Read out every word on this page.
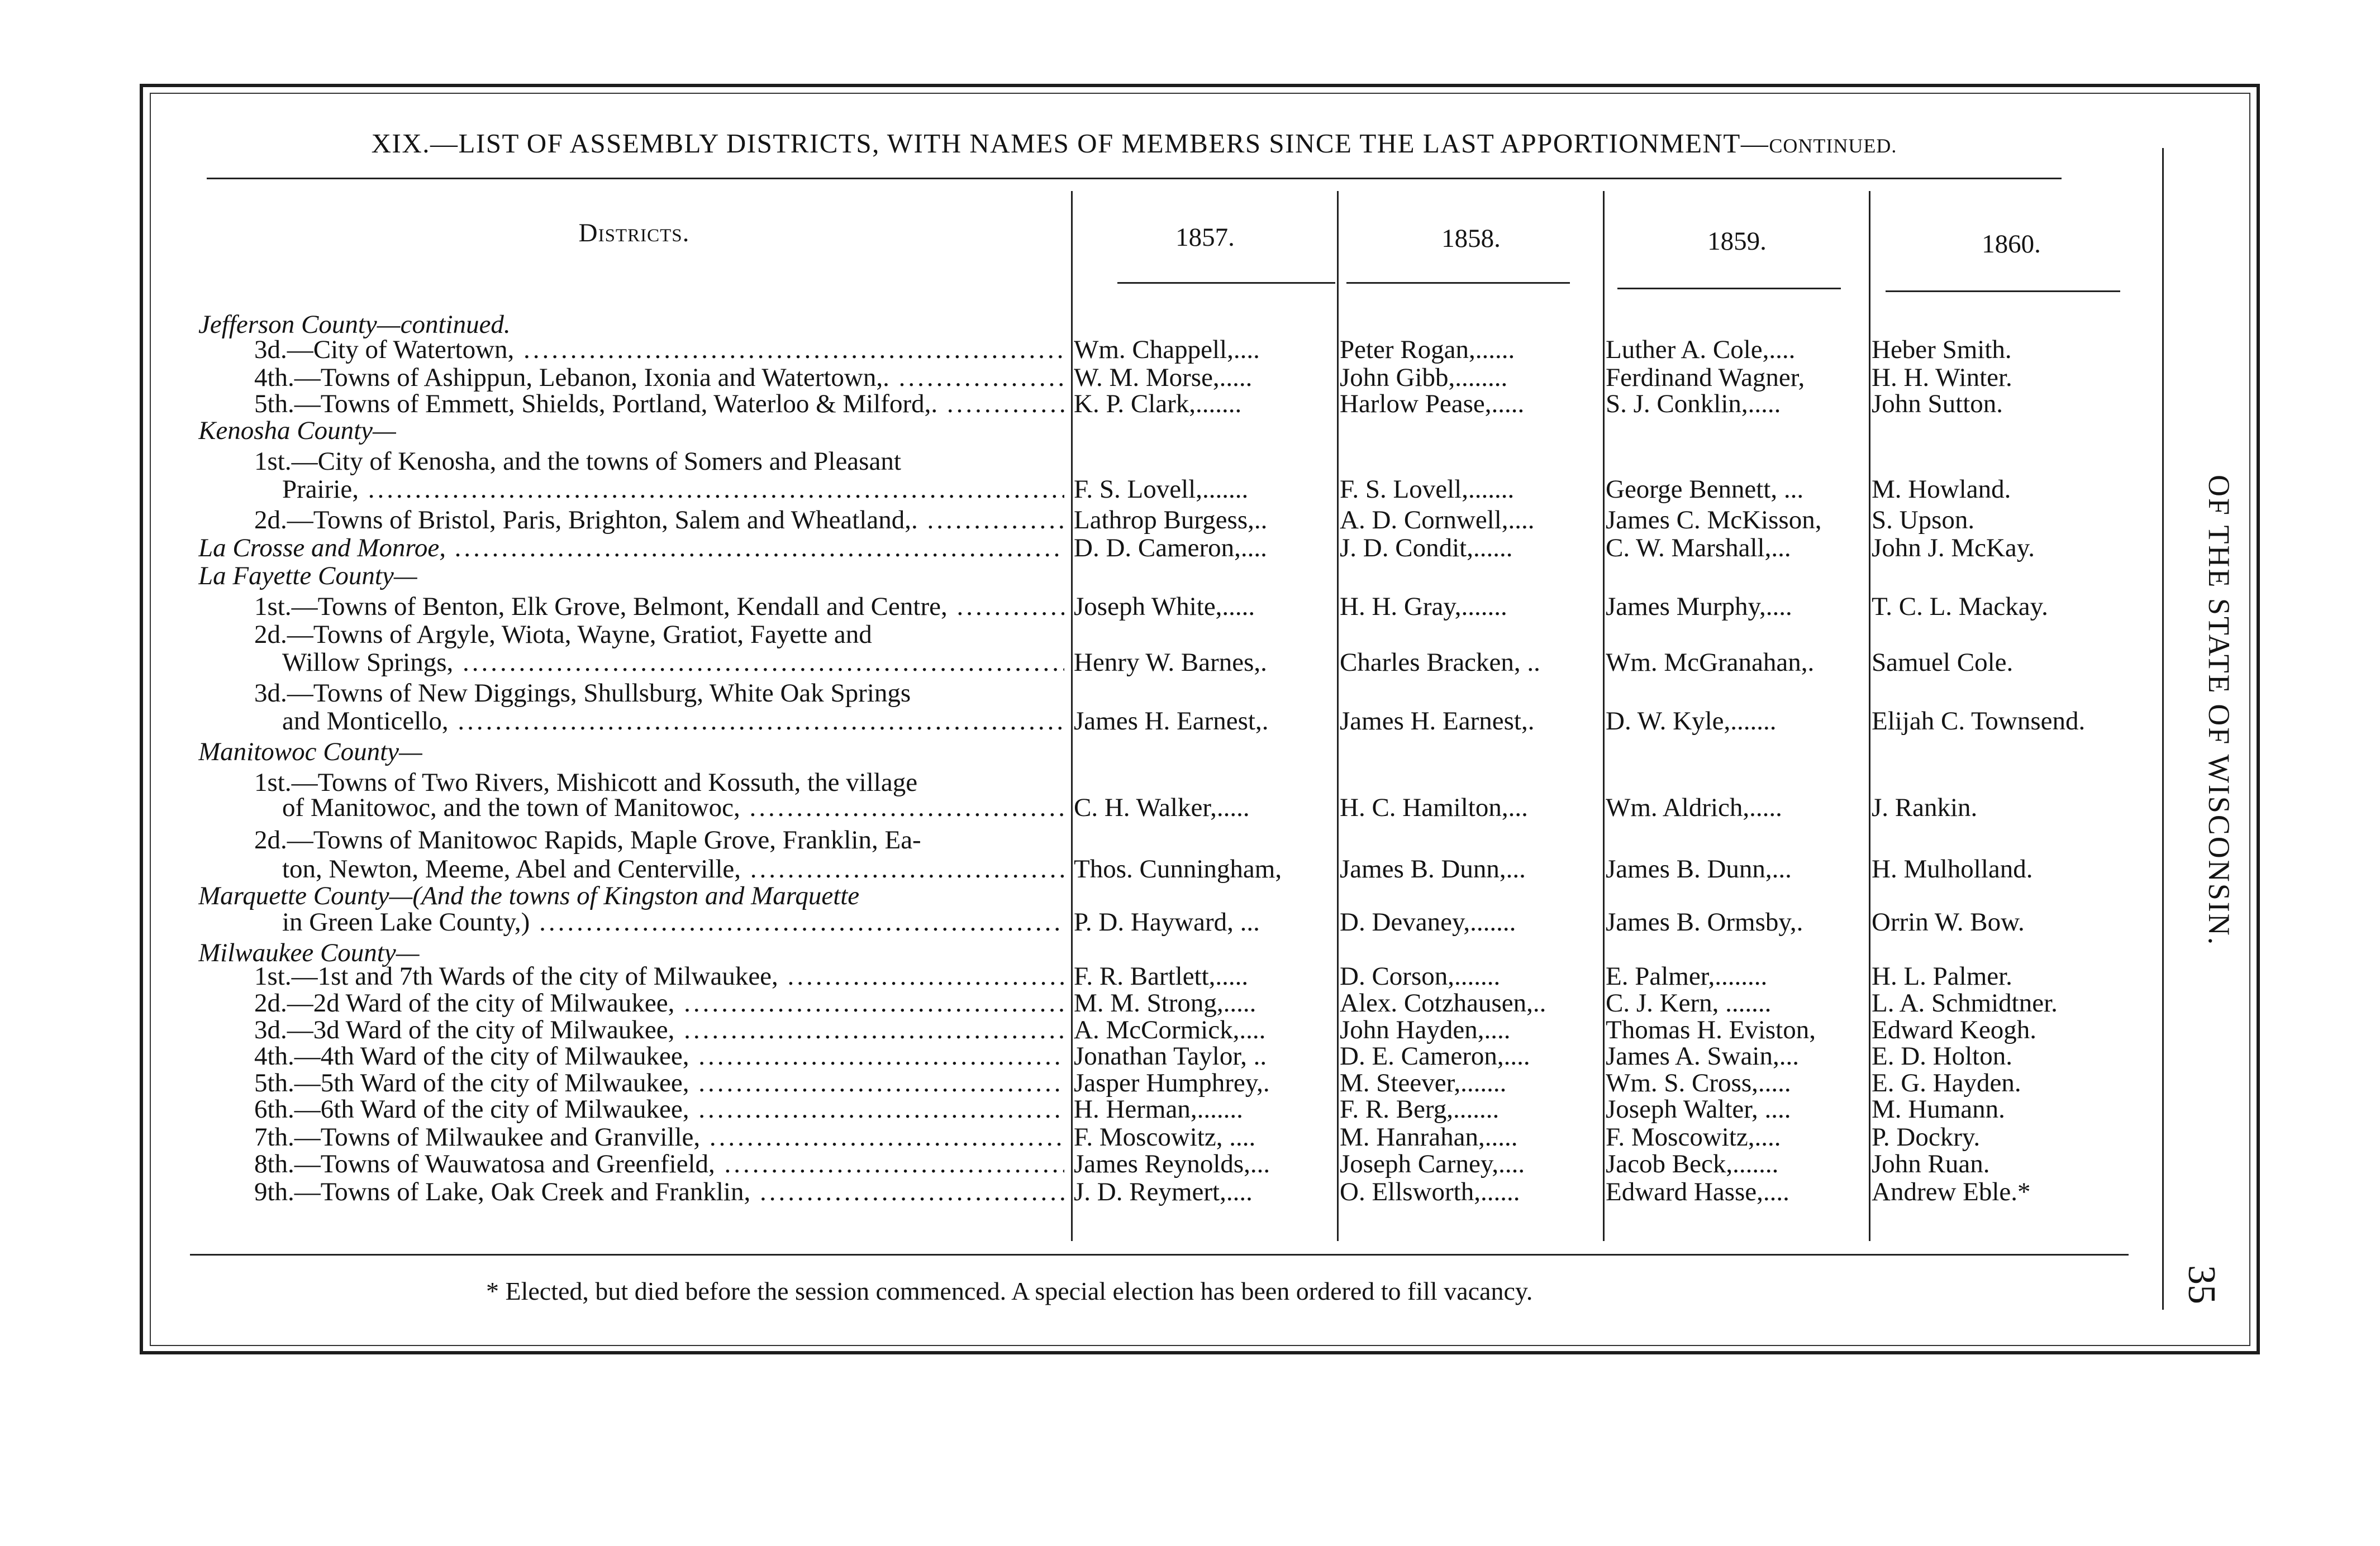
XIX.—LIST OF ASSEMBLY DISTRICTS, WITH NAMES OF MEMBERS SINCE THE LAST APPORTIONMENT—CONTINUED.
Districts.	1857.	1858.	1859.	1860.
Jefferson County—continued.
3d.—City of Watertown, .....	Wm. Chappell,....	Peter Rogan,......	Luther A. Cole,....	Heber Smith.
4th.—Towns of Ashippun, Lebanon, Ixonia and Watertown,. .....	W. M. Morse,.....	John Gibb,........	Ferdinand Wagner,	H. H. Winter.
5th.—Towns of Emmett, Shields, Portland, Waterloo & Milford,. .....	K. P. Clark,.......	Harlow Pease,.....	S. J. Conklin,.....	John Sutton.
Kenosha County—
1st.—City of Kenosha, and the towns of Somers and Pleasant
Prairie, .....	F. S. Lovell,.......	F. S. Lovell,.......	George Bennett, ...	M. Howland.
2d.—Towns of Bristol, Paris, Brighton, Salem and Wheatland,. .....	Lathrop Burgess,..	A. D. Cornwell,....	James C. McKisson,	S. Upson.
La Crosse and Monroe, .....	D. D. Cameron,....	J. D. Condit,......	C. W. Marshall,...	John J. McKay.
La Fayette County—
1st.—Towns of Benton, Elk Grove, Belmont, Kendall and Centre, .....	Joseph White,.....	H. H. Gray,.......	James Murphy,....	T. C. L. Mackay.
2d.—Towns of Argyle, Wiota, Wayne, Gratiot, Fayette and
Willow Springs, .....	Henry W. Barnes,.	Charles Bracken, ..	Wm. McGranahan,.	Samuel Cole.
3d.—Towns of New Diggings, Shullsburg, White Oak Springs
and Monticello, .....	James H. Earnest,.	James H. Earnest,.	D. W. Kyle,.......	Elijah C. Townsend.
Manitowoc County—
1st.—Towns of Two Rivers, Mishicott and Kossuth, the village
of Manitowoc, and the town of Manitowoc, .....	C. H. Walker,.....	H. C. Hamilton,...	Wm. Aldrich,.....	J. Rankin.
2d.—Towns of Manitowoc Rapids, Maple Grove, Franklin, Ea-
ton, Newton, Meeme, Abel and Centerville, .....	Thos. Cunningham,	James B. Dunn,...	James B. Dunn,...	H. Mulholland.
Marquette County—(And the towns of Kingston and Marquette
in Green Lake County,) .....	P. D. Hayward, ...	D. Devaney,.......	James B. Ormsby,.	Orrin W. Bow.
Milwaukee County—
1st.—1st and 7th Wards of the city of Milwaukee, .....	F. R. Bartlett,.....	D. Corson,.......	E. Palmer,........	H. L. Palmer.
2d.—2d Ward of the city of Milwaukee, .....	M. M. Strong,.....	Alex. Cotzhausen,..	C. J. Kern, .......	L. A. Schmidtner.
3d.—3d Ward of the city of Milwaukee, .....	A. McCormick,....	John Hayden,....	Thomas H. Eviston,	Edward Keogh.
4th.—4th Ward of the city of Milwaukee, .....	Jonathan Taylor, ..	D. E. Cameron,....	James A. Swain,...	E. D. Holton.
5th.—5th Ward of the city of Milwaukee, .....	Jasper Humphrey,.	M. Steever,.......	Wm. S. Cross,.....	E. G. Hayden.
6th.—6th Ward of the city of Milwaukee, .....	H. Herman,.......	F. R. Berg,.......	Joseph Walter, ....	M. Humann.
7th.—Towns of Milwaukee and Granville, .....	F. Moscowitz, ....	M. Hanrahan,.....	F. Moscowitz,....	P. Dockry.
8th.—Towns of Wauwatosa and Greenfield, .....	James Reynolds,...	Joseph Carney,....	Jacob Beck,.......	John Ruan.
9th.—Towns of Lake, Oak Creek and Franklin, .....	J. D. Reymert,....	O. Ellsworth,......	Edward Hasse,....	Andrew Eble.*
OF THE STATE OF WISCONSIN.
35
* Elected, but died before the session commenced. A special election has been ordered to fill vacancy.
